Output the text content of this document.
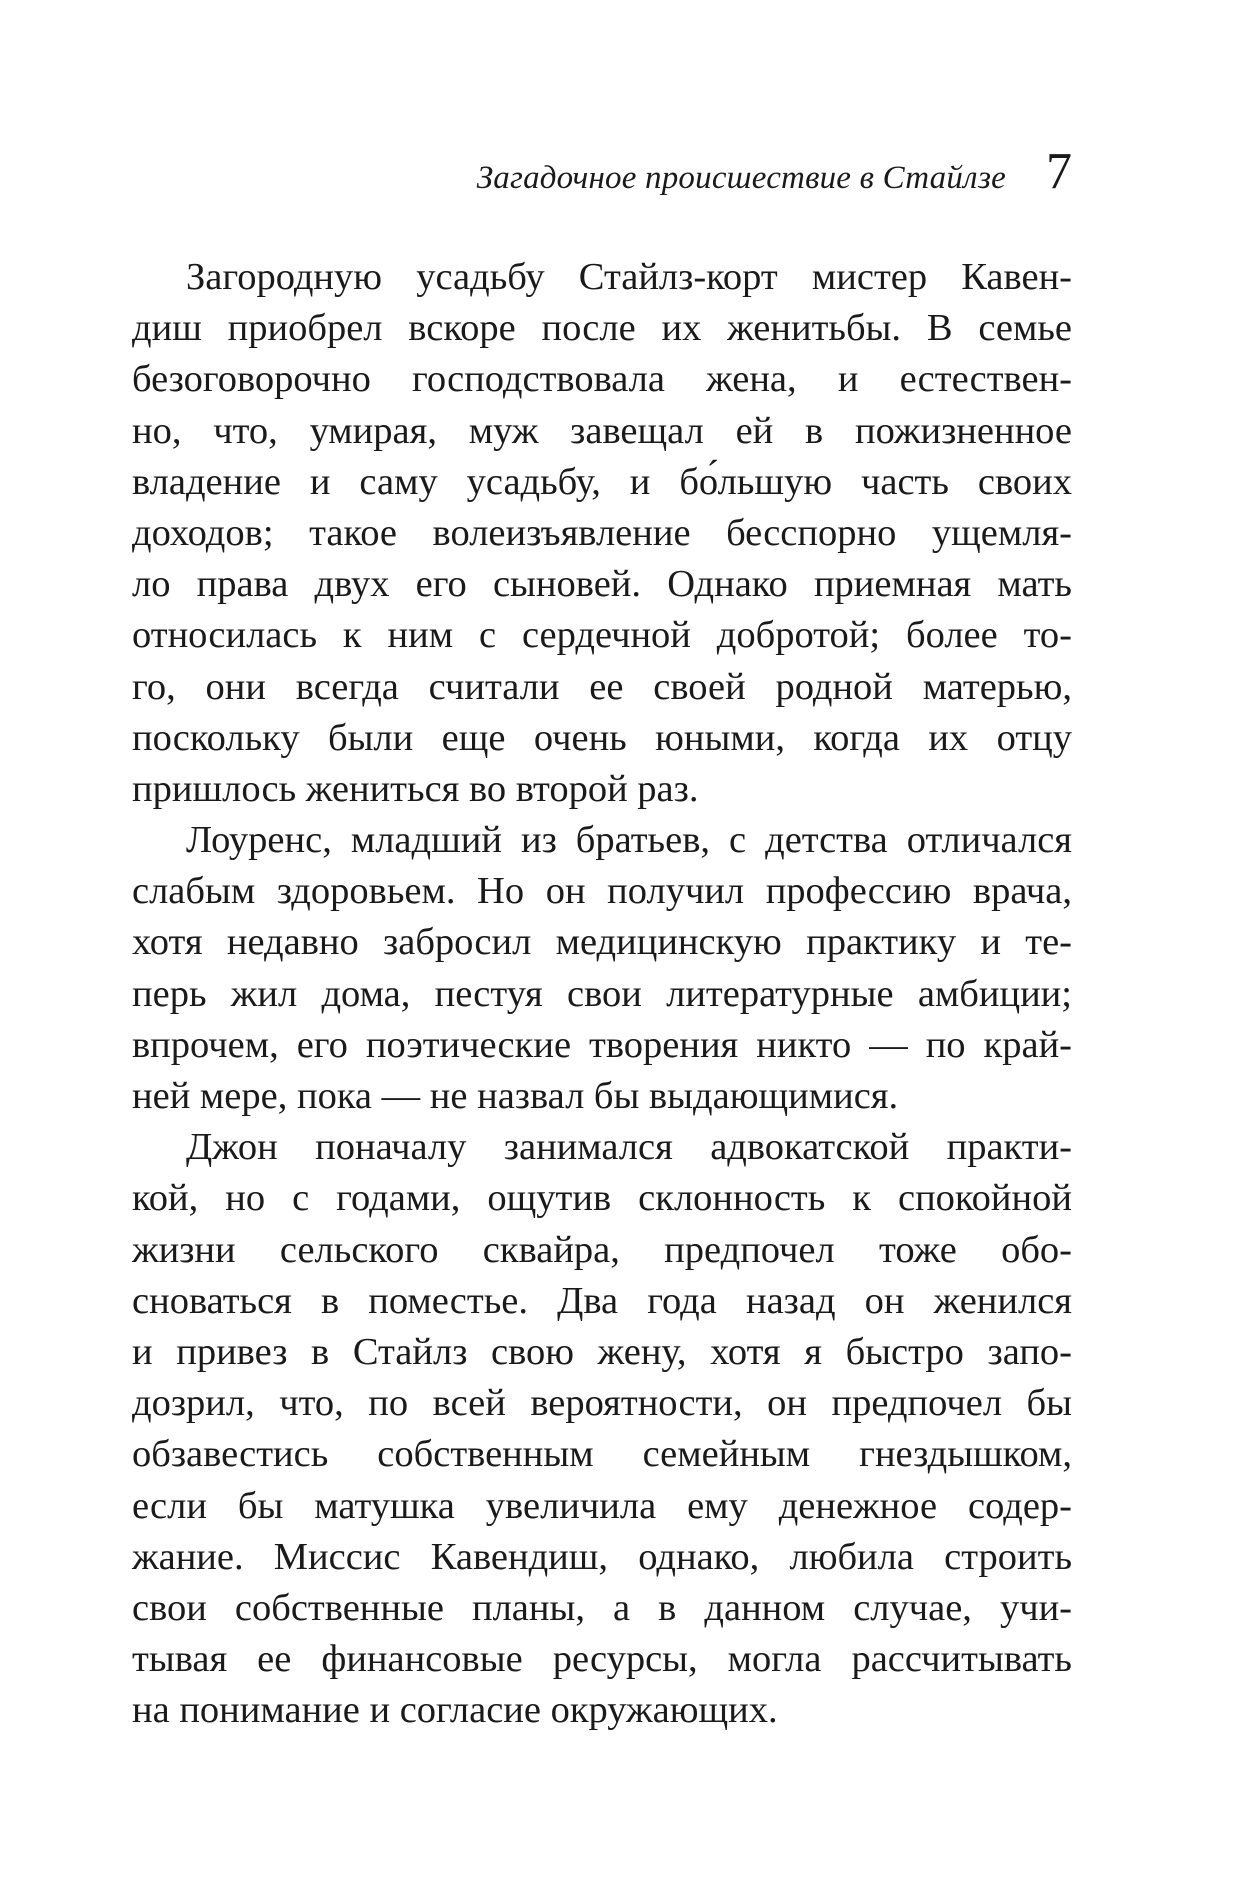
Загадочное происшествие в Стайлзе 7

Загородную усадьбу Стайлз-корт мистер Кавен-
диш приобрел вскоре после их женитьбы. В семье
безоговорочно господствовала жена, и естествен-
но, что, умирая, муж завещал ей в пожизненное
владение и саму усадьбу, и бо́льшую часть своих
доходов; такое волеизъявление бесспорно ущемля-
ло права двух его сыновей. Однако приемная мать
относилась к ним с сердечной добротой; более то-
го, они всегда считали ее своей родной матерью,
поскольку были еще очень юными, когда их отцу
пришлось жениться во второй раз.

Лоуренс, младший из братьев, с детства отличался
слабым здоровьем. Но он получил профессию врача,
хотя недавно забросил медицинскую практику и те-
перь жил дома, пестуя свои литературные амбиции;
впрочем, его поэтические творения никто — по край-
ней мере, пока — не назвал бы выдающимися.

Джон поначалу занимался адвокатской практи-
кой, но с годами, ощутив склонность к спокойной
жизни сельского сквайра, предпочел тоже обо-
сноваться в поместье. Два года назад он женился
и привез в Стайлз свою жену, хотя я быстро запо-
дозрил, что, по всей вероятности, он предпочел бы
обзавестись собственным семейным гнездышком,
если бы матушка увеличила ему денежное содер-
жание. Миссис Кавендиш, однако, любила строить
свои собственные планы, а в данном случае, учи-
тывая ее финансовые ресурсы, могла рассчитывать
на понимание и согласие окружающих.
